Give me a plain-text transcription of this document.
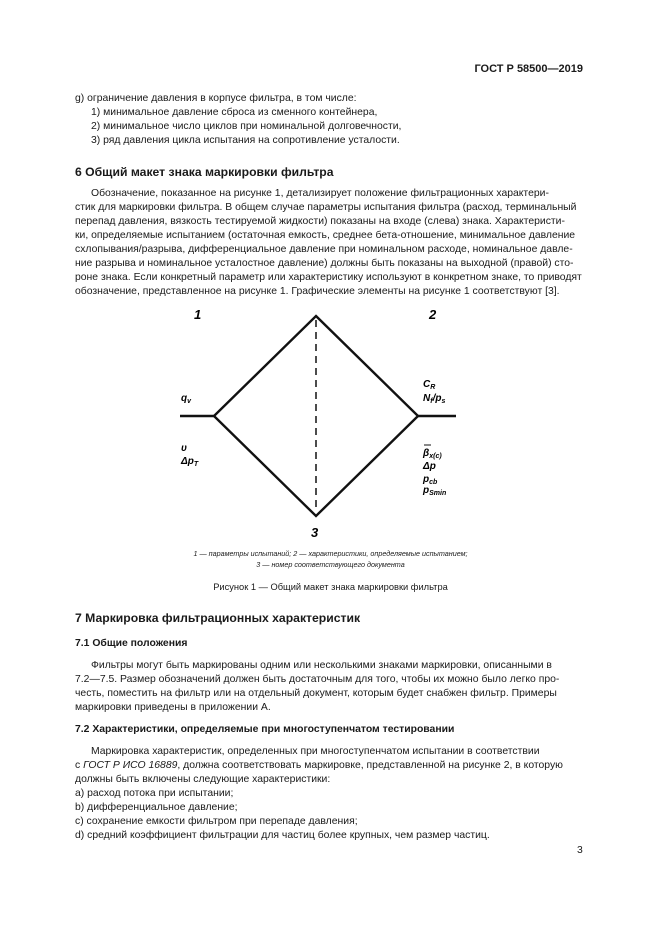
ГОСТ Р 58500—2019
g) ограничение давления в корпусе фильтра, в том числе:
1) минимальное давление сброса из сменного контейнера,
2) минимальное число циклов при номинальной долговечности,
3) ряд давления цикла испытания на сопротивление усталости.
6 Общий макет знака маркировки фильтра
Обозначение, показанное на рисунке 1, детализирует положение фильтрационных характери-
стик для маркировки фильтра. В общем случае параметры испытания фильтра (расход, терминальный
перепад давления, вязкость тестируемой жидкости) показаны на входе (слева) знака. Характеристи-
ки, определяемые испытанием (остаточная емкость, среднее бета-отношение, минимальное давление
схлопывания/разрыва, дифференциальное давление при номинальном расходе, номинальное давле-
ние разрыва и номинальное усталостное давление) должны быть показаны на выходной (правой) сто-
роне знака. Если конкретный параметр или характеристику используют в конкретном знаке, то приводят
обозначение, представленное на рисунке 1. Графические элементы на рисунке 1 соответствуют [3].
1	2
3
$q_v$
υ
$\Delta p_T$
$C_R$
$N_f/p_s$
$\beta_{x(c)}$
Δp
$p_{cb}$
$p_{Smin}$
1 — параметры испытаний; 2 — характеристики, определяемые испытанием;
3 — номер соответствующего документа
Рисунок 1 — Общий макет знака маркировки фильтра
7 Маркировка фильтрационных характеристик
7.1 Общие положения
Фильтры могут быть маркированы одним или несколькими знаками маркировки, описанными в
7.2—7.5. Размер обозначений должен быть достаточным для того, чтобы их можно было легко про-
честь, поместить на фильтр или на отдельный документ, которым будет снабжен фильтр. Примеры
маркировки приведены в приложении А.
7.2 Характеристики, определяемые при многоступенчатом тестировании
Маркировка характеристик, определенных при многоступенчатом испытании в соответствии
с ГОСТ Р ИСО 16889, должна соответствовать маркировке, представленной на рисунке 2, в которую
должны быть включены следующие характеристики:
а) расход потока при испытании;
b) дифференциальное давление;
c) сохранение емкости фильтром при перепаде давления;
d) средний коэффициент фильтрации для частиц более крупных, чем размер частиц.
3
